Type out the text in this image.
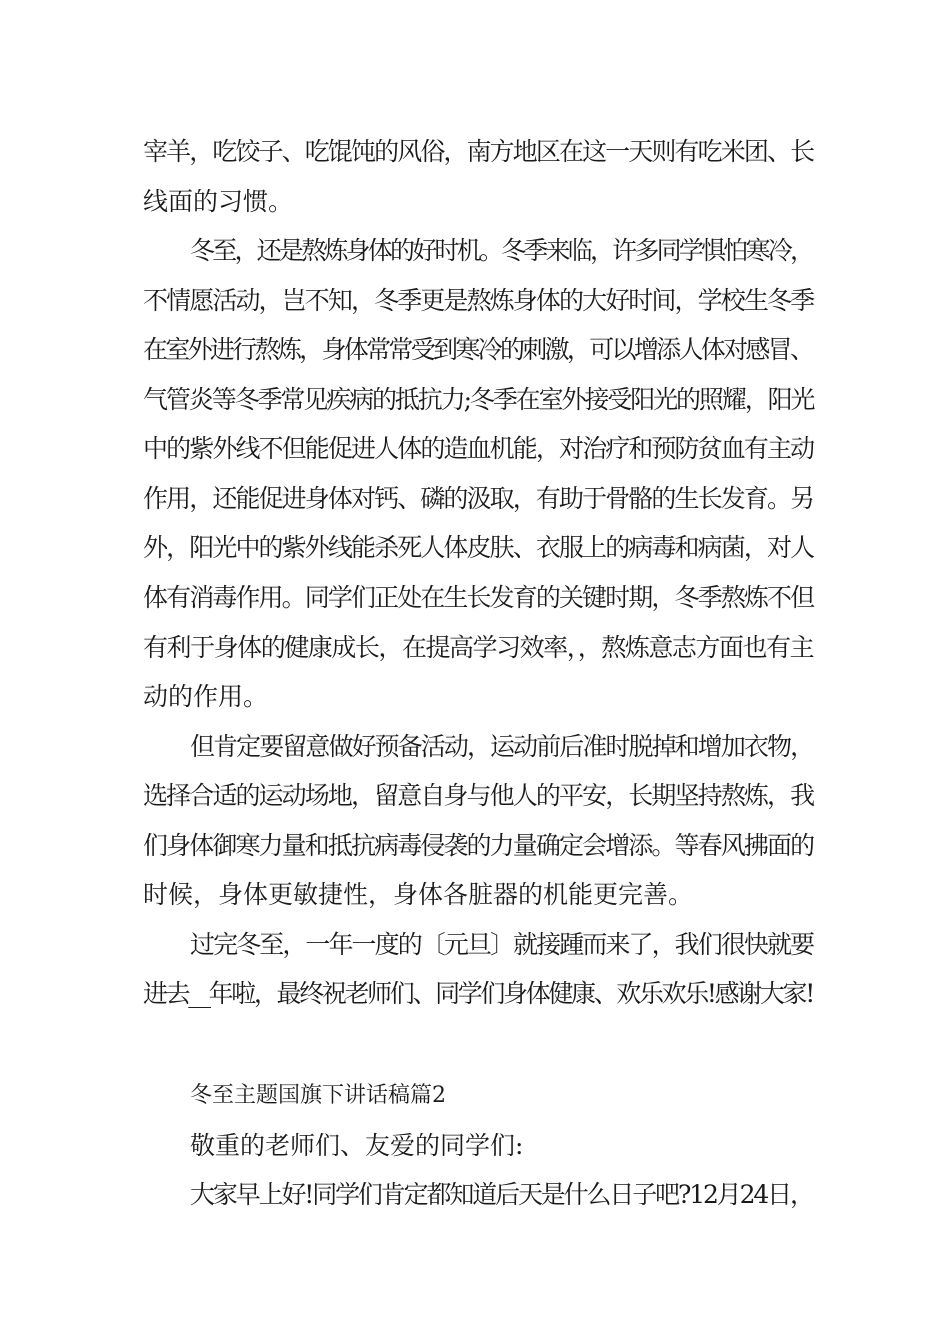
宰羊，吃饺子、吃馄饨的风俗，南方地区在这一天则有吃米团、长
线面的习惯。
冬至，还是熬炼身体的好时机。冬季来临，许多同学惧怕寒冷，
不情愿活动，岂不知，冬季更是熬炼身体的大好时间，学校生冬季
在室外进行熬炼，身体常常受到寒冷的刺激，可以增添人体对感冒、
气管炎等冬季常见疾病的抵抗力;冬季在室外接受阳光的照耀，阳光
中的紫外线不但能促进人体的造血机能，对治疗和预防贫血有主动
作用，还能促进身体对钙、磷的汲取，有助于骨骼的生长发育。另
外，阳光中的紫外线能杀死人体皮肤、衣服上的病毒和病菌，对人
体有消毒作用。同学们正处在生长发育的关键时期，冬季熬炼不但
有利于身体的健康成长，在提高学习效率，，熬炼意志方面也有主
动的作用。
但肯定要留意做好预备活动，运动前后准时脱掉和增加衣物，
选择合适的运动场地，留意自身与他人的平安，长期坚持熬炼，我
们身体御寒力量和抵抗病毒侵袭的力量确定会增添。等春风拂面的
时候，身体更敏捷性，身体各脏器的机能更完善。
过完冬至，一年一度的〔元旦〕就接踵而来了，我们很快就要
进去__年啦，最终祝老师们、同学们身体健康、欢乐欢乐!感谢大家!
冬至主题国旗下讲话稿篇2
敬重的老师们、友爱的同学们:
大家早上好!同学们肯定都知道后天是什么日子吧?12月24日，
